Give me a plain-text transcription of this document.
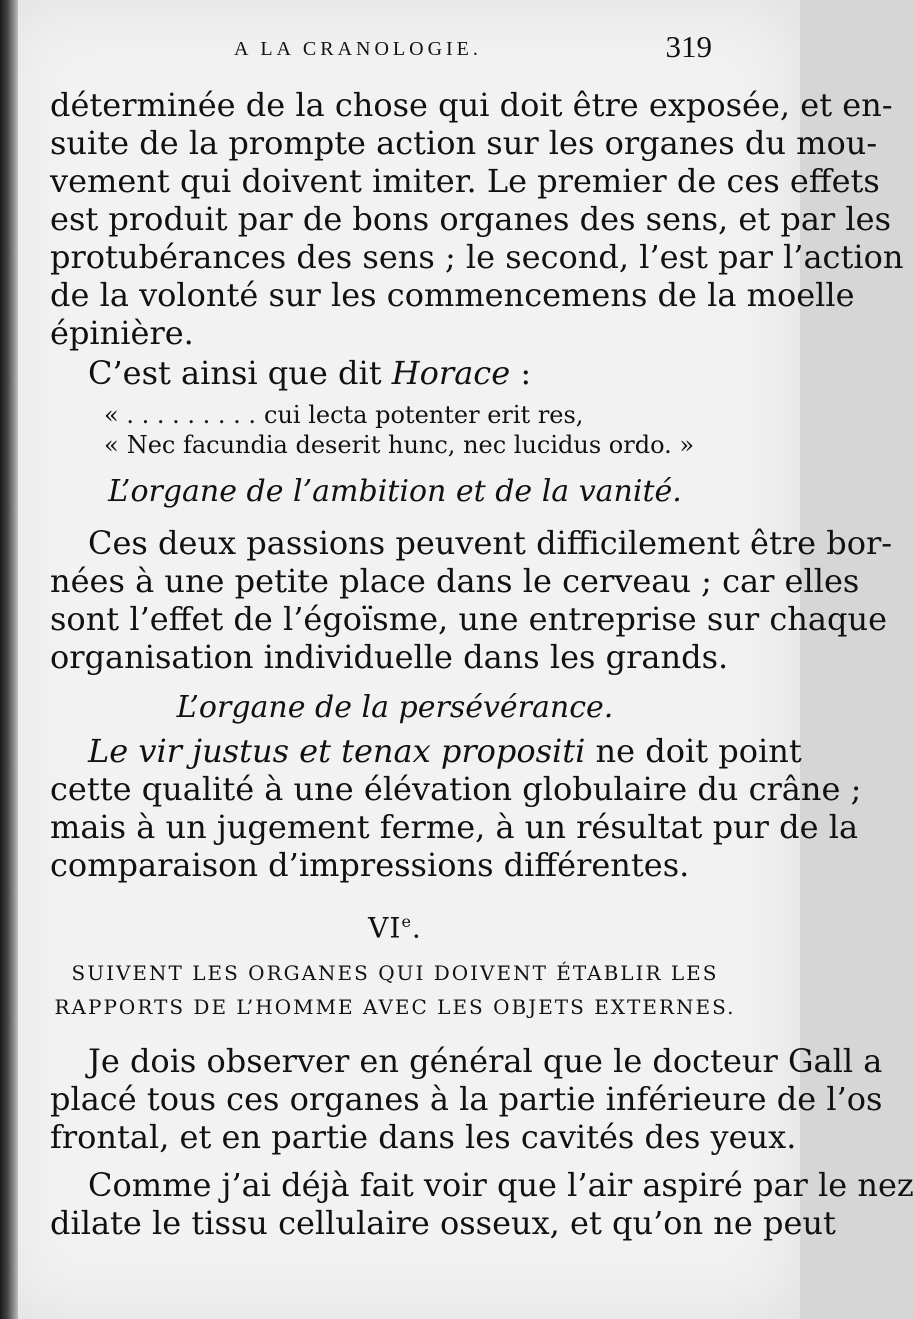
A LA CRANOLOGIE.	319
déterminée de la chose qui doit être exposée, et en-
suite de la prompte action sur les organes du mou-
vement qui doivent imiter. Le premier de ces effets
est produit par de bons organes des sens, et par les
protubérances des sens ; le second, l’est par l’action
de la volonté sur les commencemens de la moelle
épinière.
C’est ainsi que dit Horace :
« . . . . . . . . . cui lecta potenter erit res,
« Nec facundia deserit hunc, nec lucidus ordo. »
L’organe de l’ambition et de la vanité.
Ces deux passions peuvent difficilement être bor-
nées à une petite place dans le cerveau ; car elles
sont l’effet de l’égoïsme, une entreprise sur chaque
organisation individuelle dans les grands.
L’organe de la persévérance.
Le vir justus et tenax propositi ne doit point
cette qualité à une élévation globulaire du crâne ;
mais à un jugement ferme, à un résultat pur de la
comparaison d’impressions différentes.
VIe.
SUIVENT LES ORGANES QUI DOIVENT ÉTABLIR LES
RAPPORTS DE L’HOMME AVEC LES OBJETS EXTERNES.
Je dois observer en général que le docteur Gall a
placé tous ces organes à la partie inférieure de l’os
frontal, et en partie dans les cavités des yeux.
Comme j’ai déjà fait voir que l’air aspiré par le nez
dilate le tissu cellulaire osseux, et qu’on ne peut
